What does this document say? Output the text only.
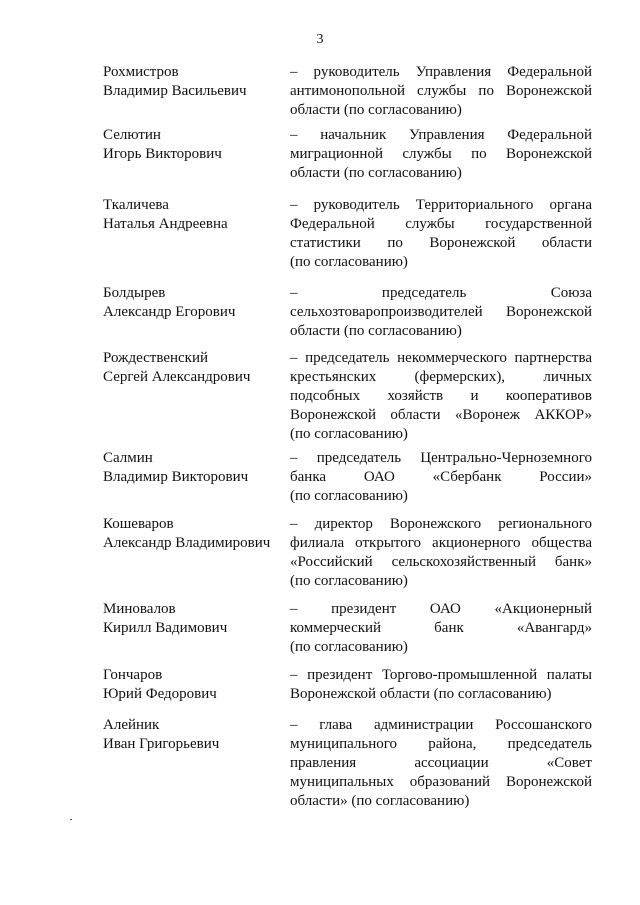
3
Рохмистров
Владимир Васильевич
– руководитель Управления Федеральной
антимонопольной службы по Воронежской
области (по согласованию)
Селютин
Игорь Викторович
– начальник Управления Федеральной
миграционной службы по Воронежской
области (по согласованию)
Ткаличева
Наталья Андреевна
– руководитель Территориального органа
Федеральной службы государственной
статистики по Воронежской области
(по согласованию)
Болдырев
Александр Егорович
– председатель Союза
сельхозтоваропроизводителей Воронежской
области (по согласованию)
Рождественский
Сергей Александрович
– председатель некоммерческого партнерства
крестьянских (фермерских), личных
подсобных хозяйств и кооперативов
Воронежской области «Воронеж АККОР»
(по согласованию)
Салмин
Владимир Викторович
– председатель Центрально-Черноземного
банка ОАО «Сбербанк России»
(по согласованию)
Кошеваров
Александр Владимирович
– директор Воронежского регионального
филиала открытого акционерного общества
«Российский сельскохозяйственный банк»
(по согласованию)
Миновалов
Кирилл Вадимович
– президент ОАО «Акционерный
коммерческий банк «Авангард»
(по согласованию)
Гончаров
Юрий Федорович
– президент Торгово-промышленной палаты
Воронежской области (по согласованию)
Алейник
Иван Григорьевич
– глава администрации Россошанского
муниципального района, председатель
правления ассоциации «Совет
муниципальных образований Воронежской
области» (по согласованию)
